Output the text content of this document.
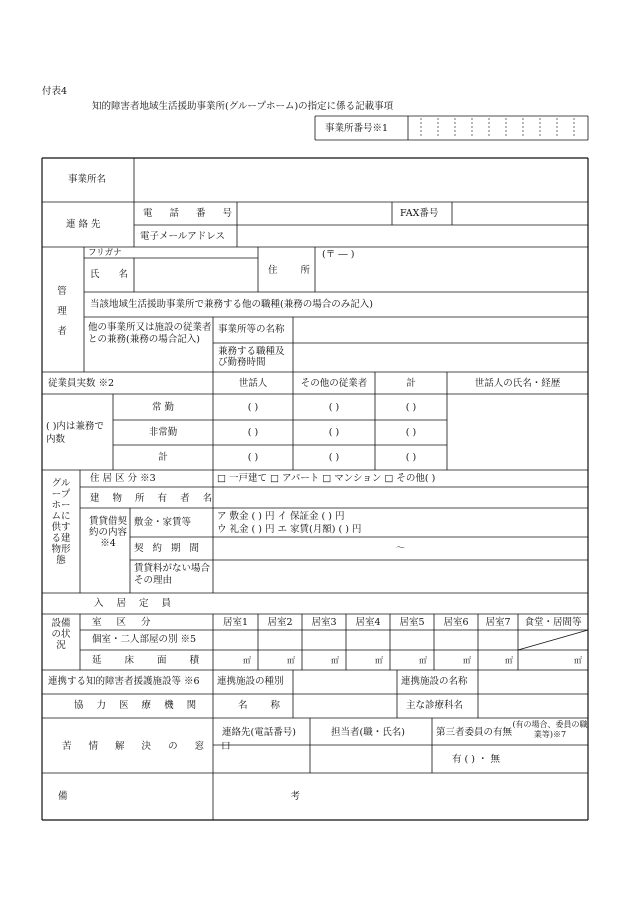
付表4
知的障害者地域生活援助事業所(グループホーム)の指定に係る記載事項
事業所番号※1
事業所名
連 絡 先
電 話 番 号	FAX番号
電子メールアドレス
管理者
フリガナ
氏 名	住 所
(〒 ― )
当該地域生活援助事業所で兼務する他の職種(兼務の場合のみ記入)
他の事業所又は施設の従業者との兼務(兼務の場合記入)
事業所等の名称
兼務する職種及び勤務時間
従業員実数 ※2
( )内は兼務で内数
世話人	その他の従業者	計	世話人の氏名・経歴
常 勤	( )	( )	( )
非常勤	( )	( )	( )
計	( )	( )	( )
グループホームに供する建物形態
住 居 区 分 ※3	□ 一戸建て □ アパート □ マンション □ その他( )
建 物 所 有 者 名
賃貸借契約の内容※4
敷金・家賃等
ア 敷金 ( ) 円 イ 保証金 ( ) 円
ウ 礼金 ( ) 円 エ 家賃(月額) ( ) 円
契 約 期 間	～
賃貸料がない場合その理由
入 居 定 員
設備の状況
室 区 分	居室1	居室2	居室3	居室4	居室5	居室6	居室7	食堂・居間等
個室・二人部屋の別 ※5
延 床 面 積	㎡	㎡	㎡	㎡	㎡	㎡	㎡	㎡
連携する知的障害者援護施設等 ※6 連携施設の種別	連携施設の名称
協 力 医 療 機 関	名 称	主な診療科名
苦 情 解 決 の 窓 口
連絡先(電話番号)	担当者(職・氏名)	第三者委員の有無
(有の場合、委員の職業等)※7
有 ( ) ・ 無
備 考
